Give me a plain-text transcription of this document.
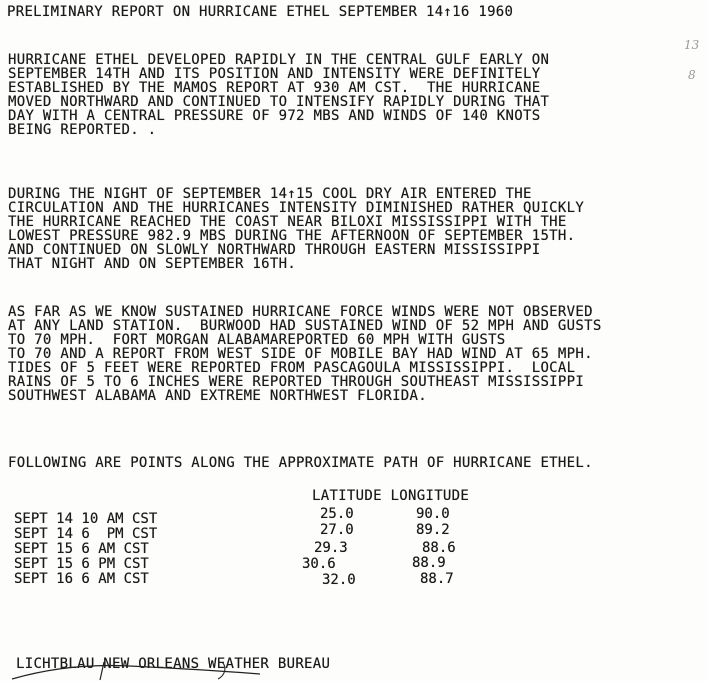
PRELIMINARY REPORT ON HURRICANE ETHEL SEPTEMBER 14↑16 1960
13
8
HURRICANE ETHEL DEVELOPED RAPIDLY IN THE CENTRAL GULF EARLY ON
SEPTEMBER 14TH AND ITS POSITION AND INTENSITY WERE DEFINITELY
ESTABLISHED BY THE MAMOS REPORT AT 930 AM CST.  THE HURRICANE
MOVED NORTHWARD AND CONTINUED TO INTENSIFY RAPIDLY DURING THAT
DAY WITH A CENTRAL PRESSURE OF 972 MBS AND WINDS OF 140 KNOTS
BEING REPORTED. .
DURING THE NIGHT OF SEPTEMBER 14↑15 COOL DRY AIR ENTERED THE
CIRCULATION AND THE HURRICANES INTENSITY DIMINISHED RATHER QUICKLY
THE HURRICANE REACHED THE COAST NEAR BILOXI MISSISSIPPI WITH THE
LOWEST PRESSURE 982.9 MBS DURING THE AFTERNOON OF SEPTEMBER 15TH.
AND CONTINUED ON SLOWLY NORTHWARD THROUGH EASTERN MISSISSIPPI
THAT NIGHT AND ON SEPTEMBER 16TH.
AS FAR AS WE KNOW SUSTAINED HURRICANE FORCE WINDS WERE NOT OBSERVED
AT ANY LAND STATION.  BURWOOD HAD SUSTAINED WIND OF 52 MPH AND GUSTS
TO 70 MPH.  FORT MORGAN ALABAMAREPORTED 60 MPH WITH GUSTS
TO 70 AND A REPORT FROM WEST SIDE OF MOBILE BAY HAD WIND AT 65 MPH.
TIDES OF 5 FEET WERE REPORTED FROM PASCAGOULA MISSISSIPPI.  LOCAL
RAINS OF 5 TO 6 INCHES WERE REPORTED THROUGH SOUTHEAST MISSISSIPPI
SOUTHWEST ALABAMA AND EXTREME NORTHWEST FLORIDA.
FOLLOWING ARE POINTS ALONG THE APPROXIMATE PATH OF HURRICANE ETHEL.
LATITUDE LONGITUDE
SEPT 14 10 AM CST	25.0	90.0
SEPT 14 6  PM CST	27.0	89.2
SEPT 15 6 AM CST	29.3	88.6
SEPT 15 6 PM CST	30.6	88.9
SEPT 16 6 AM CST	32.0	88.7
LICHTBLAU NEW ORLEANS WEATHER BUREAU
